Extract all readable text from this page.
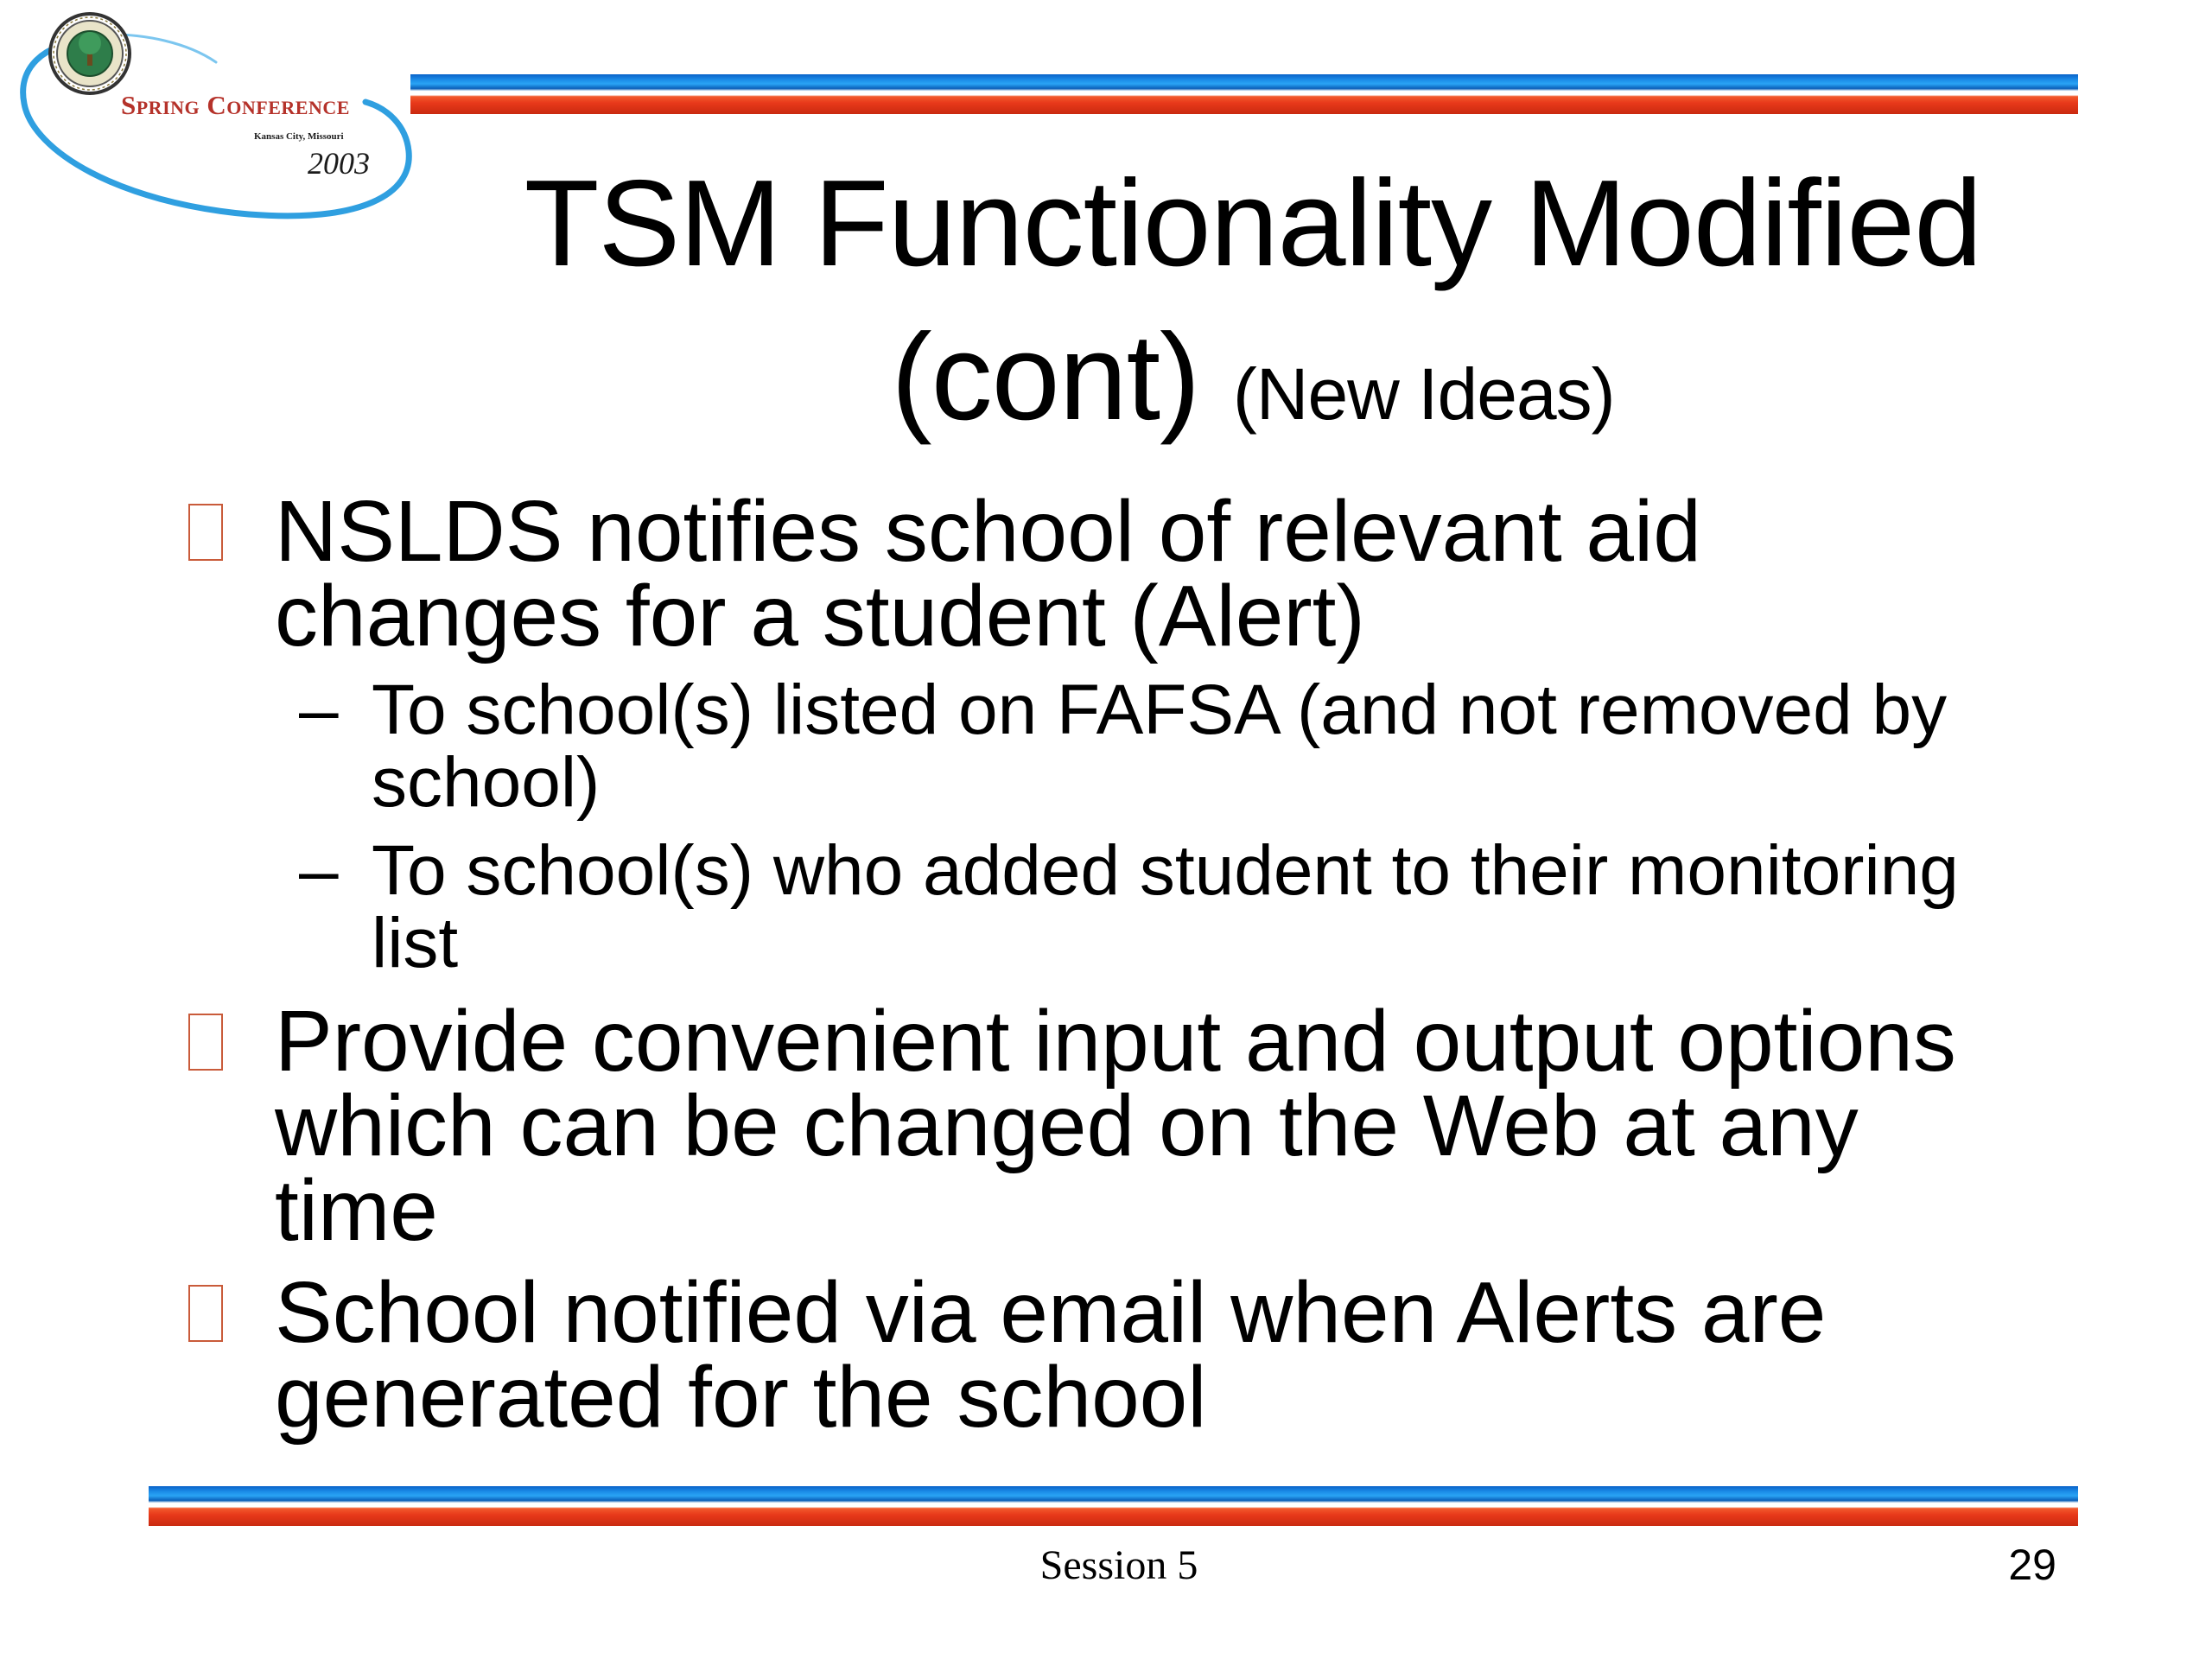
Spring Conference
Kansas City, Missouri
2003	TSM Functionality Modified
(cont) (New Ideas)
NSLDS notifies school of relevant aid
changes for a student (Alert)
– To school(s) listed on FAFSA (and not removed by
school)
– To school(s) who added student to their monitoring
list
Provide convenient input and output options
which can be changed on the Web at any
time
School notified via email when Alerts are
generated for the school
Session 5	29
